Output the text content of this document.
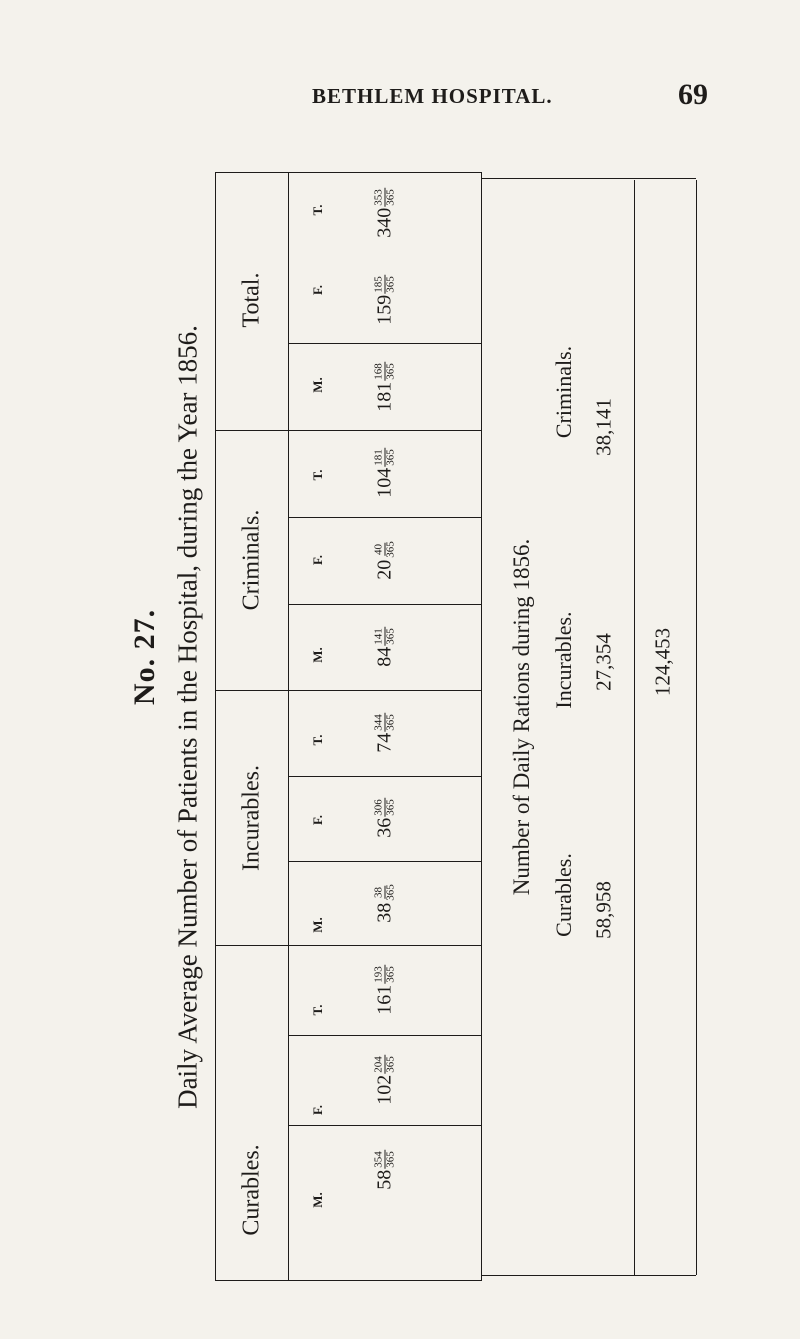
BETHLEM HOSPITAL.	69
No. 27. Daily Average Number of Patients in the Hospital, during the Year 1856.
Curables.
Incurables.
Criminals.
Total.
M.
F.
T.
M.
F.
T.
M.
F.
T.
M.
F.
T.
58
354 365
102
204 365
161
193 365
38
38 365
36
306 365
74
344 365
84
141 365
20
40 365
104
181 365
181
168 365
159
185 365
340
353 365
Number of Daily Rations during 1856. Curables. 58,958
Incurables. 27,354
Criminals. 38,141
124,453
